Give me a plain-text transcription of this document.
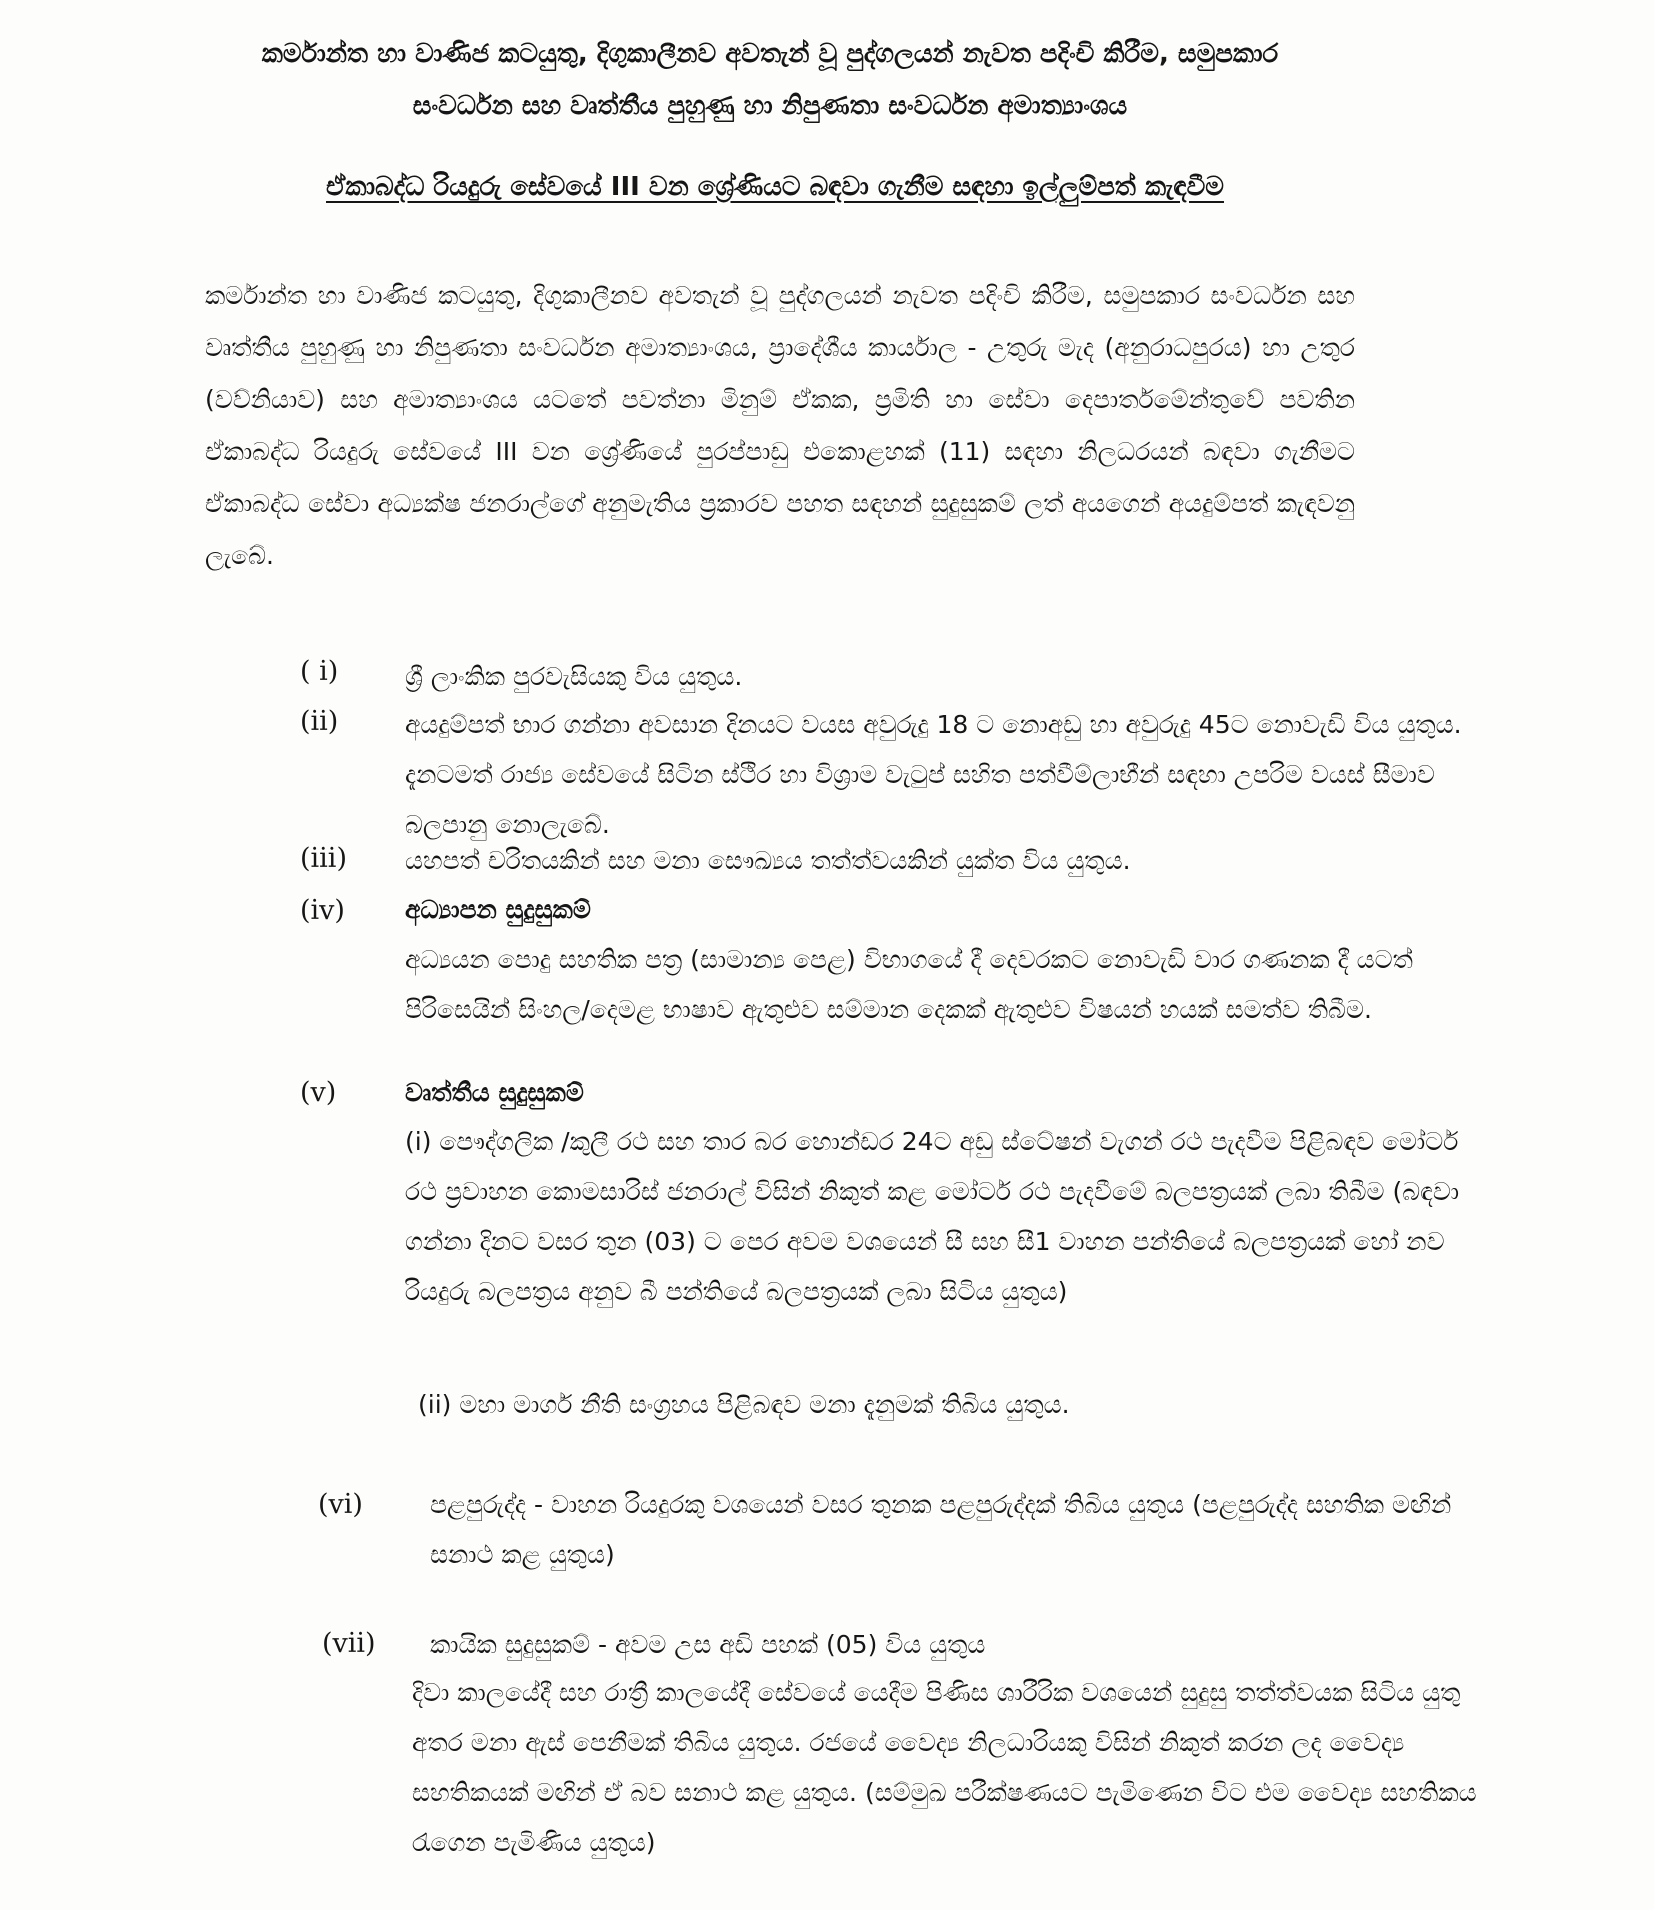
කර්මාන්ත හා වාණිජ කටයුතු, දිගුකාලීනව අවතැන් වූ පුද්ගලයන් නැවත පදිංචි කිරීම, සමුපකාර
සංවර්ධන සහ වෘත්තීය පුහුණු හා නිපුණතා සංවර්ධන අමාත්‍යාංශය
ඒකාබද්ධ රියදුරු සේවයේ III වන ශ්‍රේණියට බඳවා ගැනීම සඳහා ඉල්ලුම්පත් කැඳවීම
කර්මාන්ත හා වාණිජ කටයුතු, දිගුකාලීනව අවතැන් වූ පුද්ගලයන් නැවත පදිංචි කිරීම, සමුපකාර සංවර්ධන සහ වෘත්තීය පුහුණු හා නිපුණතා සංවර්ධන අමාත්‍යාංශය, ප්‍රාදේශීය කාර්යාල - උතුරු මැද (අනුරාධපුරය) හා උතුර (වව්නියාව) සහ අමාත්‍යාංශය යටතේ පවත්නා මිනුම් ඒකක, ප්‍රමිති හා සේවා දෙපාර්තමේන්තුවේ පවතින ඒකාබද්ධ රියදුරු සේවයේ III වන ශ්‍රේණියේ පුරප්පාඩු එකොළහක් (11) සඳහා නිලධරයන් බඳවා ගැනීමට ඒකාබද්ධ සේවා අධ්‍යක්ෂ ජනරාල්ගේ අනුමැතිය ප්‍රකාරව පහත සඳහන් සුදුසුකම් ලත් අයගෙන් අයදුම්පත් කැඳවනු ලැබේ.
( i)	ශ්‍රී ලාංකික පුරවැසියකු විය යුතුය.
(ii)	අයදුම්පත් භාර ගන්නා අවසාන දිනයට වයස අවුරුදු 18 ට නොඅඩු හා අවුරුදු 45ට නොවැඩි විය යුතුය. දැනටමත් රාජ්‍ය සේවයේ සිටින ස්ථිර හා විශ්‍රාම වැටුප් සහිත පත්වීම්ලාභීන් සඳහා උපරිම වයස් සීමාව බලපානු නොලැබේ.
(iii) යහපත් චරිතයකින් සහ මනා සෞඛ්‍යය තත්ත්වයකින් යුක්ත විය යුතුය.
(iv) අධ්‍යාපන සුදුසුකම්
අධ්‍යයන පොදු සහතික පත්‍ර (සාමාන්‍ය පෙළ) විභාගයේ දී දෙවරකට නොවැඩි වාර ගණනක දී යටත් පිරිසෙයින් සිංහල/දෙමළ භාෂාව ඇතුළුව සම්මාන දෙකක් ඇතුළුව විෂයන් හයක් සමත්ව තිබීම.
(v)	වෘත්තීය සුදුසුකම්
(i) පෞද්ගලික /කුලී රථ සහ තාර බර හොන්ඩර 24ට අඩු ස්ටේෂන් වැගන් රථ පැදවීම පිළිබඳව මෝටර් රථ ප්‍රවාහන කොමසාරිස් ජනරාල් විසින් නිකුත් කළ මෝටර් රථ පැදවීමේ බලපත්‍රයක් ලබා තිබීම (බඳවා ගන්නා දිනට වසර තුන (03) ට පෙර අවම වශයෙන් සී සහ සී1 වාහන පන්තියේ බලපත්‍රයක් හෝ නව රියදුරු බලපත්‍රය අනුව බී පන්තියේ බලපත්‍රයක් ලබා සිටිය යුතුය)
(ii) මහා මාර්ග නීති සංග්‍රහය පිළිබඳව මනා දැනුමක් තිබිය යුතුය.
(vi)	පළපුරුද්ද - වාහන රියදුරකු වශයෙන් වසර තුනක පළපුරුද්දක් තිබිය යුතුය (පළපුරුද්ද සහතික මඟින් සනාථ කළ යුතුය)
(vii) කායික සුදුසුකම් - අවම උස අඩි පහක් (05) විය යුතුය
දිවා කාලයේදී සහ රාත්‍රී කාලයේදී සේවයේ යෙදීම පිණිස ශාරීරික වශයෙන් සුදුසු තත්ත්වයක සිටිය යුතු අතර මනා ඇස් පෙනීමක් තිබිය යුතුය. රජයේ වෛද්‍ය නිලධාරියකු විසින් නිකුත් කරන ලද වෛද්‍ය සහතිකයක් මඟින් ඒ බව සනාථ කළ යුතුය. (සම්මුඛ පරීක්ෂණයට පැමිණෙන විට එම වෛද්‍ය සහතිකය රැගෙන පැමිණිය යුතුය)
